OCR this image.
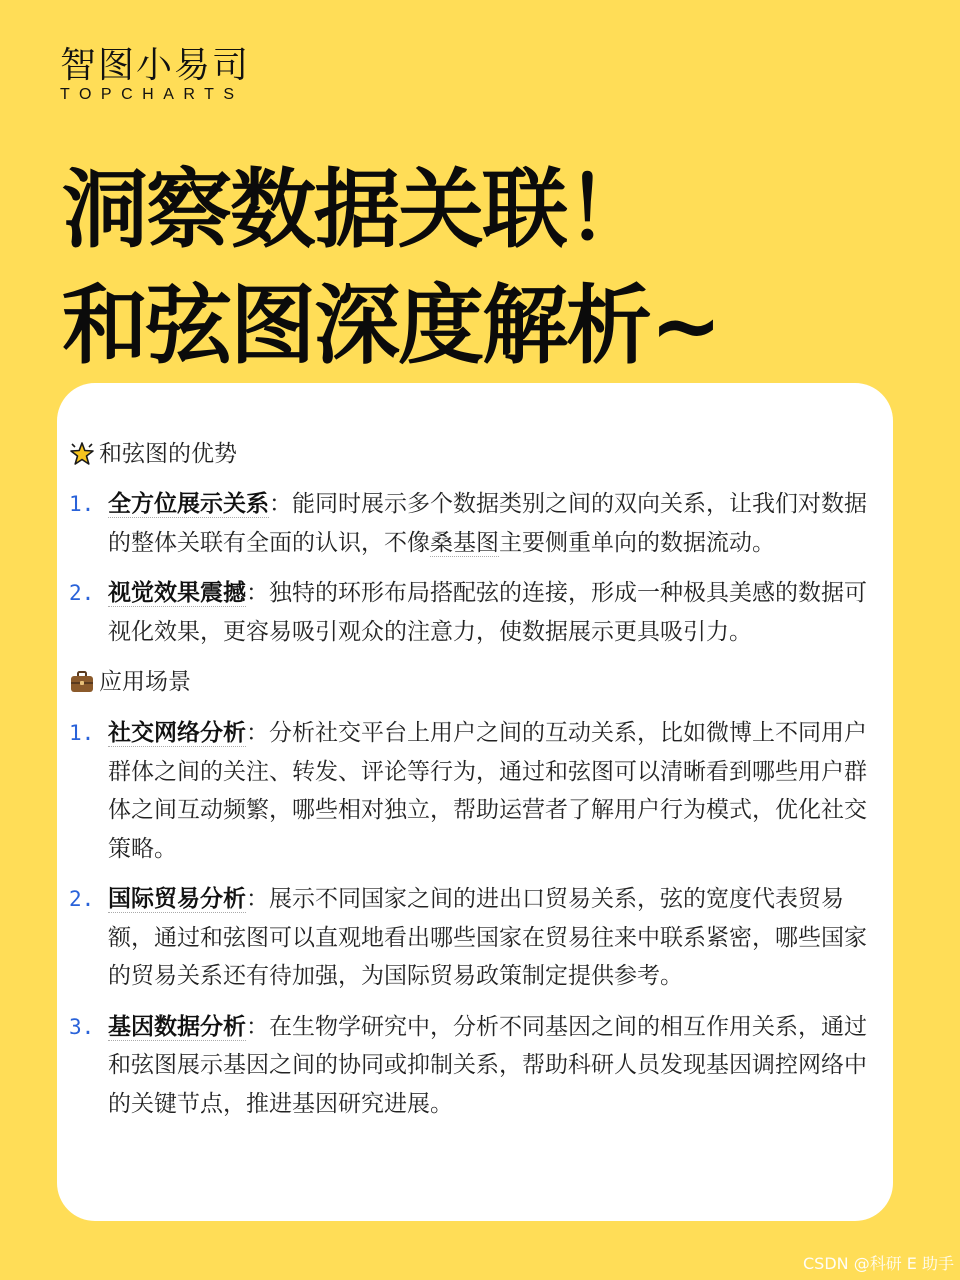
智图小易司
TOPCHARTS
洞察数据关联！
和弦图深度解析~
和弦图的优势
1. 全方位展示关系：能同时展示多个数据类别之间的双向关系，让我们对数据的整体关联有全面的认识，不像桑基图主要侧重单向的数据流动。
2. 视觉效果震撼：独特的环形布局搭配弦的连接，形成一种极具美感的数据可视化效果，更容易吸引观众的注意力，使数据展示更具吸引力。
应用场景
1. 社交网络分析：分析社交平台上用户之间的互动关系，比如微博上不同用户群体之间的关注、转发、评论等行为，通过和弦图可以清晰看到哪些用户群体之间互动频繁，哪些相对独立，帮助运营者了解用户行为模式，优化社交策略。
2. 国际贸易分析：展示不同国家之间的进出口贸易关系，弦的宽度代表贸易额，通过和弦图可以直观地看出哪些国家在贸易往来中联系紧密，哪些国家的贸易关系还有待加强，为国际贸易政策制定提供参考。
3. 基因数据分析：在生物学研究中，分析不同基因之间的相互作用关系，通过和弦图展示基因之间的协同或抑制关系，帮助科研人员发现基因调控网络中的关键节点，推进基因研究进展。
CSDN @科研 E 助手
